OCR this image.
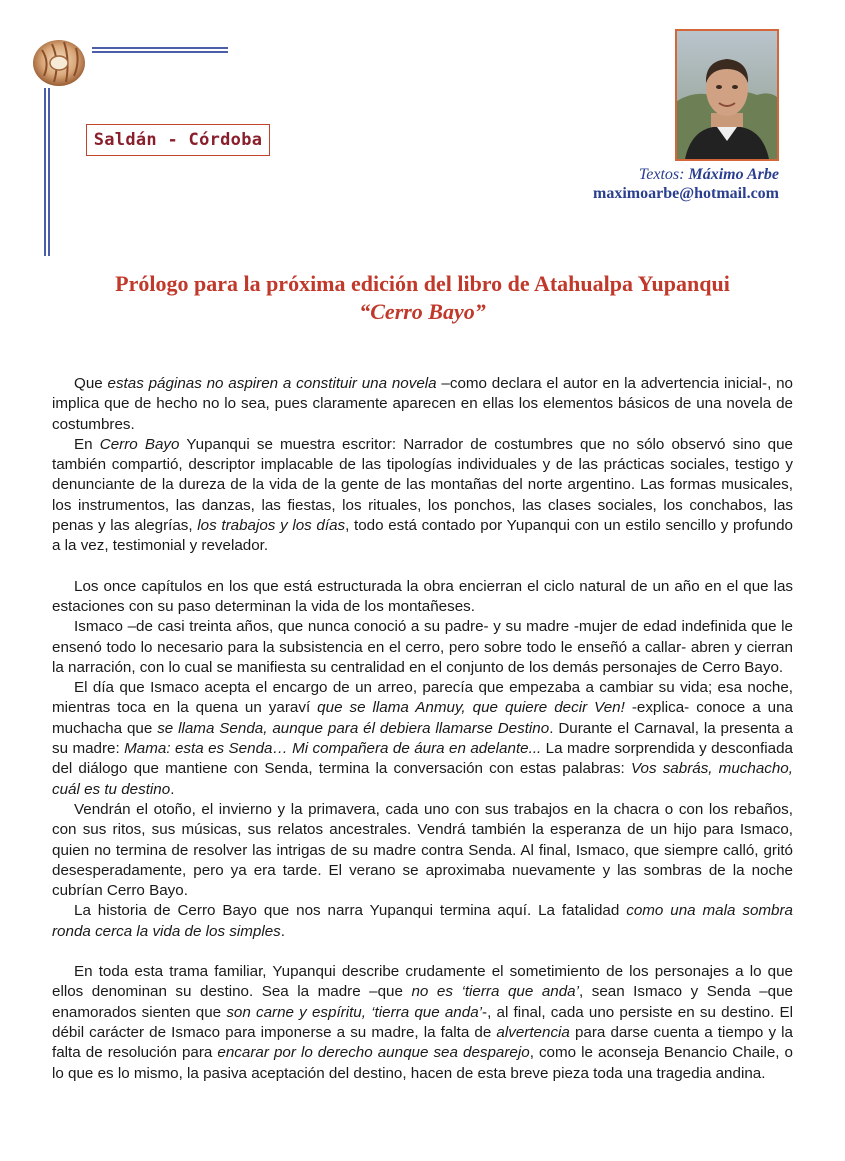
Saldán - Córdoba
Textos: Máximo Arbe
maximoarbe@hotmail.com
Prólogo para la próxima edición del libro de Atahualpa Yupanqui
“Cerro Bayo”

Que estas páginas no aspiren a constituir una novela –como declara el autor en la advertencia inicial-, no implica que de hecho no lo sea, pues claramente aparecen en ellas los elementos básicos de una novela de costumbres.

En Cerro Bayo Yupanqui se muestra escritor: Narrador de costumbres que no sólo observó sino que también compartió, descriptor implacable de las tipologías individuales y de las prácticas sociales, testigo y denunciante de la dureza de la vida de la gente de las montañas del norte argentino. Las formas musicales, los instrumentos, las danzas, las fiestas, los rituales, los ponchos, las clases sociales, los conchabos, las penas y las alegrías, los trabajos y los días, todo está contado por Yupanqui con un estilo sencillo y profundo a la vez, testimonial y revelador.

Los once capítulos en los que está estructurada la obra encierran el ciclo natural de un año en el que las estaciones con su paso determinan la vida de los montañeses.

Ismaco –de casi treinta años, que nunca conoció a su padre- y su madre -mujer de edad indefinida que le ensenó todo lo necesario para la subsistencia en el cerro, pero sobre todo le enseñó a callar- abren y cierran la narración, con lo cual se manifiesta su centralidad en el conjunto de los demás personajes de Cerro Bayo.

El día que Ismaco acepta el encargo de un arreo, parecía que empezaba a cambiar su vida; esa noche, mientras toca en la quena un yaraví que se llama Anmuy, que quiere decir Ven! -explica- conoce a una muchacha que se llama Senda, aunque para él debiera llamarse Destino. Durante el Carnaval, la presenta a su madre: Mama: esta es Senda… Mi compañera de áura en adelante... La madre sorprendida y desconfiada del diálogo que mantiene con Senda, termina la conversación con estas palabras: Vos sabrás, muchacho, cuál es tu destino.

Vendrán el otoño, el invierno y la primavera, cada uno con sus trabajos en la chacra o con los rebaños, con sus ritos, sus músicas, sus relatos ancestrales. Vendrá también la esperanza de un hijo para Ismaco, quien no termina de resolver las intrigas de su madre contra Senda. Al final, Ismaco, que siempre calló, gritó desesperadamente, pero ya era tarde. El verano se aproximaba nuevamente y las sombras de la noche cubrían Cerro Bayo.

La historia de Cerro Bayo que nos narra Yupanqui termina aquí. La fatalidad como una mala sombra ronda cerca la vida de los simples.

En toda esta trama familiar, Yupanqui describe crudamente el sometimiento de los personajes a lo que ellos denominan su destino. Sea la madre –que no es ‘tierra que anda’, sean Ismaco y Senda –que enamorados sienten que son carne y espíritu, ‘tierra que anda’-, al final, cada uno persiste en su destino. El débil carácter de Ismaco para imponerse a su madre, la falta de alvertencia para darse cuenta a tiempo y la falta de resolución para encarar por lo derecho aunque sea desparejo, como le aconseja Benancio Chaile, o lo que es lo mismo, la pasiva aceptación del destino, hacen de esta breve pieza toda una tragedia andina.
